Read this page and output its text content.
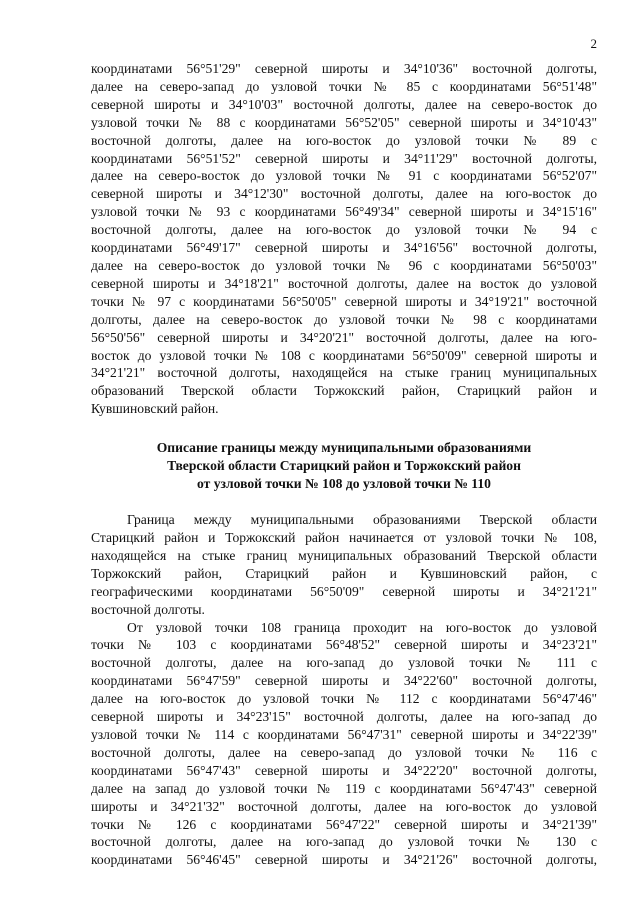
2

координатами 56°51'29" северной широты и 34°10'36" восточной долготы,
далее на северо-запад до узловой точки № 85 с координатами 56°51'48"
северной широты и 34°10'03" восточной долготы, далее на северо-восток до
узловой точки № 88 с координатами 56°52'05" северной широты и 34°10'43"
восточной долготы, далее на юго-восток до узловой точки № 89 с
координатами 56°51'52" северной широты и 34°11'29" восточной долготы,
далее на северо-восток до узловой точки № 91 с координатами 56°52'07"
северной широты и 34°12'30" восточной долготы, далее на юго-восток до
узловой точки № 93 с координатами 56°49'34" северной широты и 34°15'16"
восточной долготы, далее на юго-восток до узловой точки № 94 с
координатами 56°49'17" северной широты и 34°16'56" восточной долготы,
далее на северо-восток до узловой точки № 96 с координатами 56°50'03"
северной широты и 34°18'21" восточной долготы, далее на восток до узловой
точки № 97 с координатами 56°50'05" северной широты и 34°19'21" восточной
долготы, далее на северо-восток до узловой точки № 98 с координатами
56°50'56" северной широты и 34°20'21" восточной долготы, далее на юго-
восток до узловой точки № 108 с координатами 56°50'09" северной широты и
34°21'21" восточной долготы, находящейся на стыке границ муниципальных
образований Тверской области Торжокский район, Старицкий район и
Кувшиновский район.

Описание границы между муниципальными образованиями
Тверской области Старицкий район и Торжокский район
от узловой точки № 108 до узловой точки № 110

Граница между муниципальными образованиями Тверской области
Старицкий район и Торжокский район начинается от узловой точки № 108,
находящейся на стыке границ муниципальных образований Тверской области
Торжокский район, Старицкий район и Кувшиновский район, с
географическими координатами 56°50'09" северной широты и 34°21'21"
восточной долготы.

От узловой точки 108 граница проходит на юго-восток до узловой
точки № 103 с координатами 56°48'52" северной широты и 34°23'21"
восточной долготы, далее на юго-запад до узловой точки № 111 с
координатами 56°47'59" северной широты и 34°22'60" восточной долготы,
далее на юго-восток до узловой точки № 112 с координатами 56°47'46"
северной широты и 34°23'15" восточной долготы, далее на юго-запад до
узловой точки № 114 с координатами 56°47'31" северной широты и 34°22'39"
восточной долготы, далее на северо-запад до узловой точки № 116 с
координатами 56°47'43" северной широты и 34°22'20" восточной долготы,
далее на запад до узловой точки № 119 с координатами 56°47'43" северной
широты и 34°21'32" восточной долготы, далее на юго-восток до узловой
точки № 126 с координатами 56°47'22" северной широты и 34°21'39"
восточной долготы, далее на юго-запад до узловой точки № 130 с
координатами 56°46'45" северной широты и 34°21'26" восточной долготы,
